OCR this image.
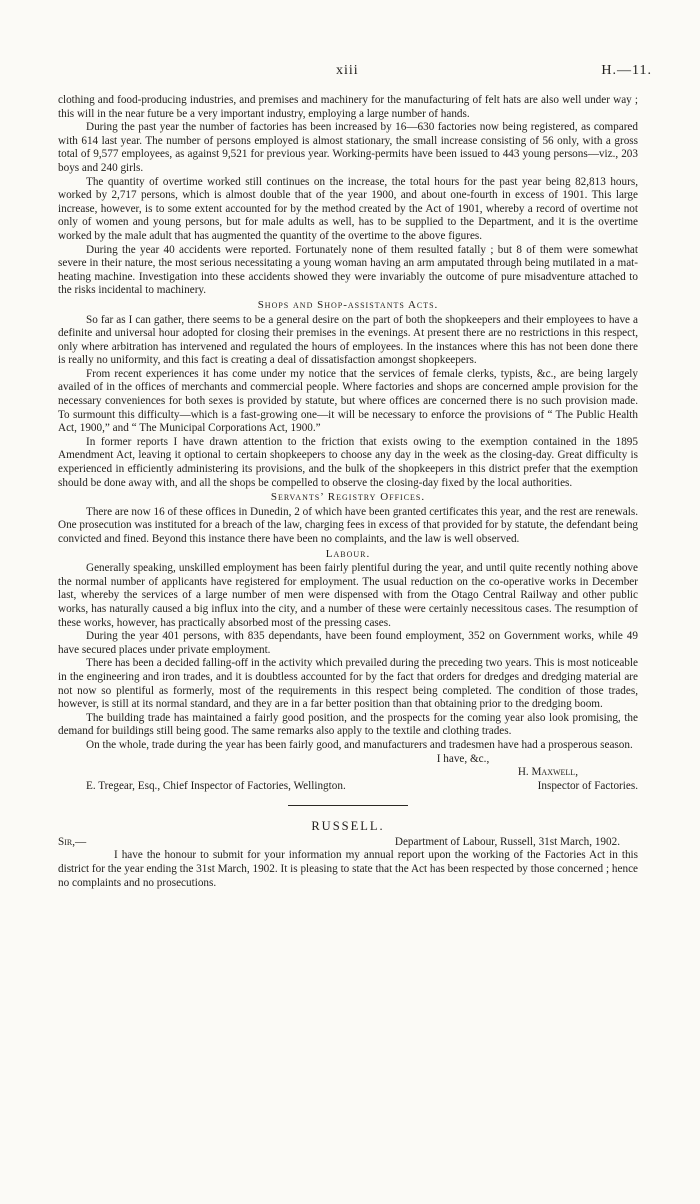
xiii	H.—11.

clothing and food-producing industries, and premises and machinery for the manufacturing of felt hats are also well under way ; this will in the near future be a very important industry, employing a large number of hands.

During the past year the number of factories has been increased by 16—630 factories now being registered, as compared with 614 last year. The number of persons employed is almost stationary, the small increase consisting of 56 only, with a gross total of 9,577 employees, as against 9,521 for previous year. Working-permits have been issued to 443 young persons—viz., 203 boys and 240 girls.

The quantity of overtime worked still continues on the increase, the total hours for the past year being 82,813 hours, worked by 2,717 persons, which is almost double that of the year 1900, and about one-fourth in excess of 1901. This large increase, however, is to some extent accounted for by the method created by the Act of 1901, whereby a record of overtime not only of women and young persons, but for male adults as well, has to be supplied to the Department, and it is the overtime worked by the male adult that has augmented the quantity of the overtime to the above figures.

During the year 40 accidents were reported. Fortunately none of them resulted fatally ; but 8 of them were somewhat severe in their nature, the most serious necessitating a young woman having an arm amputated through being mutilated in a mat-heating machine. Investigation into these accidents showed they were invariably the outcome of pure misadventure attached to the risks incidental to machinery.

Shops and Shop-assistants Acts.

So far as I can gather, there seems to be a general desire on the part of both the shopkeepers and their employees to have a definite and universal hour adopted for closing their premises in the evenings. At present there are no restrictions in this respect, only where arbitration has intervened and regulated the hours of employees. In the instances where this has not been done there is really no uniformity, and this fact is creating a deal of dissatisfaction amongst shopkeepers.

From recent experiences it has come under my notice that the services of female clerks, typists, &c., are being largely availed of in the offices of merchants and commercial people. Where factories and shops are concerned ample provision for the necessary conveniences for both sexes is provided by statute, but where offices are concerned there is no such provision made. To surmount this difficulty—which is a fast-growing one—it will be necessary to enforce the provisions of “ The Public Health Act, 1900,” and “ The Municipal Corporations Act, 1900.”

In former reports I have drawn attention to the friction that exists owing to the exemption contained in the 1895 Amendment Act, leaving it optional to certain shopkeepers to choose any day in the week as the closing-day. Great difficulty is experienced in efficiently administering its provisions, and the bulk of the shopkeepers in this district prefer that the exemption should be done away with, and all the shops be compelled to observe the closing-day fixed by the local authorities.

Servants’ Registry Offices.

There are now 16 of these offices in Dunedin, 2 of which have been granted certificates this year, and the rest are renewals. One prosecution was instituted for a breach of the law, charging fees in excess of that provided for by statute, the defendant being convicted and fined. Beyond this instance there have been no complaints, and the law is well observed.

Labour.

Generally speaking, unskilled employment has been fairly plentiful during the year, and until quite recently nothing above the normal number of applicants have registered for employment. The usual reduction on the co-operative works in December last, whereby the services of a large number of men were dispensed with from the Otago Central Railway and other public works, has naturally caused a big influx into the city, and a number of these were certainly necessitous cases. The resumption of these works, however, has practically absorbed most of the pressing cases.

During the year 401 persons, with 835 dependants, have been found employment, 352 on Government works, while 49 have secured places under private employment.

There has been a decided falling-off in the activity which prevailed during the preceding two years. This is most noticeable in the engineering and iron trades, and it is doubtless accounted for by the fact that orders for dredges and dredging material are not now so plentiful as formerly, most of the requirements in this respect being completed. The condition of those trades, however, is still at its normal standard, and they are in a far better position than that obtaining prior to the dredging boom.

The building trade has maintained a fairly good position, and the prospects for the coming year also look promising, the demand for buildings still being good. The same remarks also apply to the textile and clothing trades.

On the whole, trade during the year has been fairly good, and manufacturers and tradesmen have had a prosperous season.

I have, &c.,
H. Maxwell,
E. Tregear, Esq., Chief Inspector of Factories, Wellington.	Inspector of Factories.
RUSSELL.
Sir,—	Department of Labour, Russell, 31st March, 1902.

I have the honour to submit for your information my annual report upon the working of the Factories Act in this district for the year ending the 31st March, 1902. It is pleasing to state that the Act has been respected by those concerned ; hence no complaints and no prosecutions.
